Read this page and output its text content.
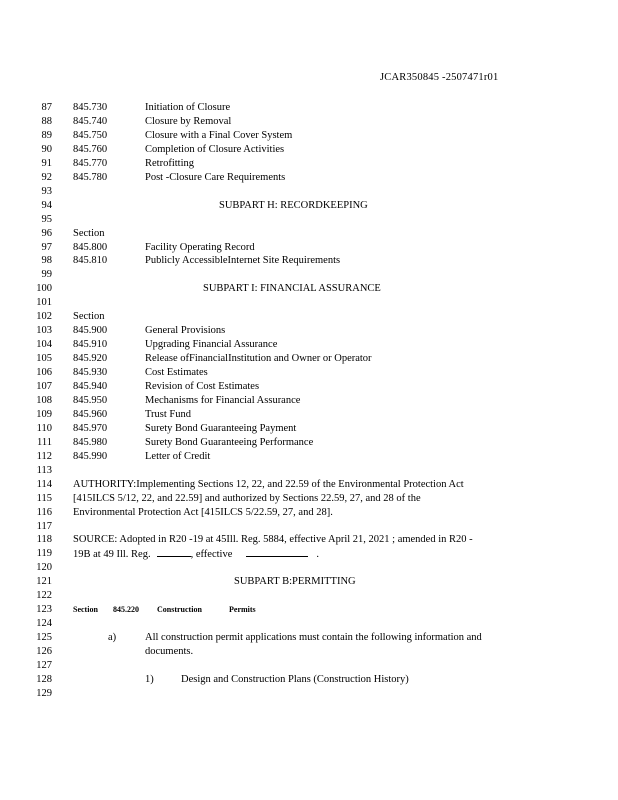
JCAR350845 -2507471r01
87 845.730	Initiation of Closure
88 845.740	Closure by Removal
89 845.750	Closure with a Final Cover System
90 845.760	Completion of Closure Activities
91 845.770	Retrofitting
92 845.780	Post -Closure Care Requirements
93
94	SUBPART H: RECORDKEEPING
95
96 Section
97 845.800	Facility Operating Record
98 845.810	Publicly AccessibleInternet Site Requirements
99
100	SUBPART I: FINANCIAL ASSURANCE
101
102 Section
103 845.900	General Provisions
104 845.910	Upgrading Financial Assurance
105 845.920	Release ofFinancialInstitution and Owner or Operator
106 845.930	Cost Estimates
107 845.940	Revision of Cost Estimates
108 845.950	Mechanisms for Financial Assurance
109 845.960	Trust Fund
110 845.970	Surety Bond Guaranteeing Payment
111 845.980	Surety Bond Guaranteeing Performance
112 845.990	Letter of Credit
113
114 AUTHORITY:Implementing Sections 12, 22, and 22.59 of the Environmental Protection Act
115 [415ILCS 5/12, 22, and 22.59] and authorized by Sections 22.59, 27, and 28 of the
116 Environmental Protection Act [415ILCS 5/22.59, 27, and 28].
117
118 SOURCE: Adopted in R20 -19 at 45Ill. Reg. 5884, effective April 21, 2021 ; amended in R20 -
119 19B at 49 Ill. Reg.	, effective	.
120
121	SUBPART B:PERMITTING
122
123	Section 845.220 Construction	Permits
124
125	a)	All construction permit applications must contain the following information and
126	documents.
127
128	1)	Design and Construction Plans (Construction History)
129
